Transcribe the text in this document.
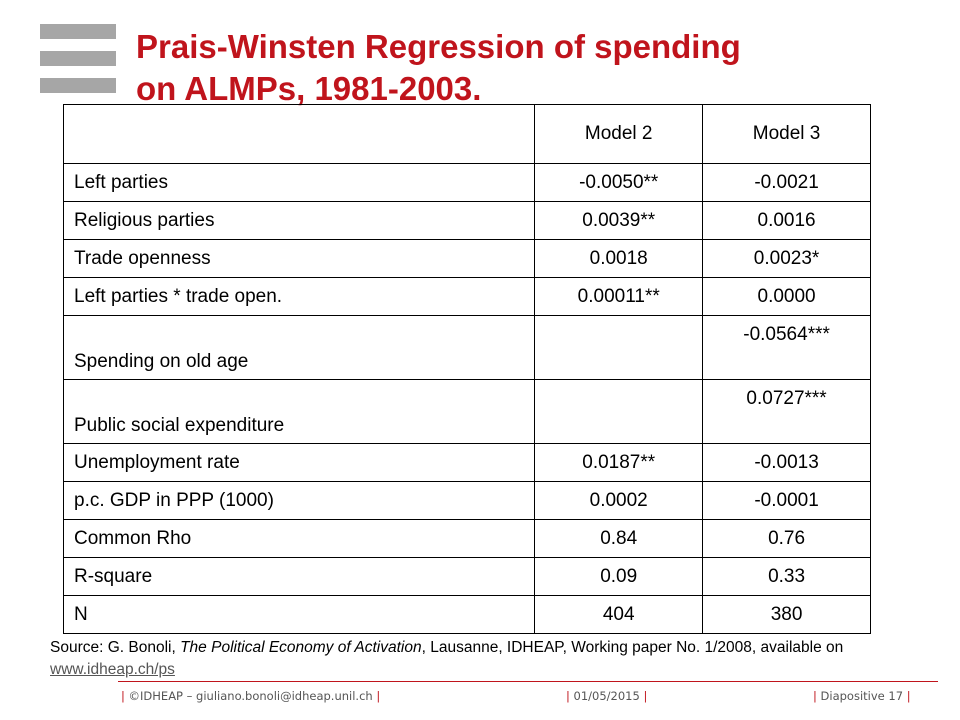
Prais-Winsten Regression of spending
on ALMPs, 1981-2003.
	Model 2	Model 3
Left parties	-0.0050**	-0.0021
Religious parties	0.0039**	0.0016
Trade openness	0.0018	0.0023*
Left parties * trade open.	0.00011**	0.0000
Spending on old age		-0.0564***
Public social expenditure		0.0727***
Unemployment rate	0.0187**	-0.0013
p.c. GDP in PPP (1000)	0.0002	-0.0001
Common Rho	0.84	0.76
R-square	0.09	0.33
N	404	380
Source: G. Bonoli, The Political Economy of Activation, Lausanne, IDHEAP, Working paper No. 1/2008, available on www.idheap.ch/ps
| ©IDHEAP – giuliano.bonoli@idheap.unil.ch |	| 01/05/2015 |	| Diapositive 17 |
